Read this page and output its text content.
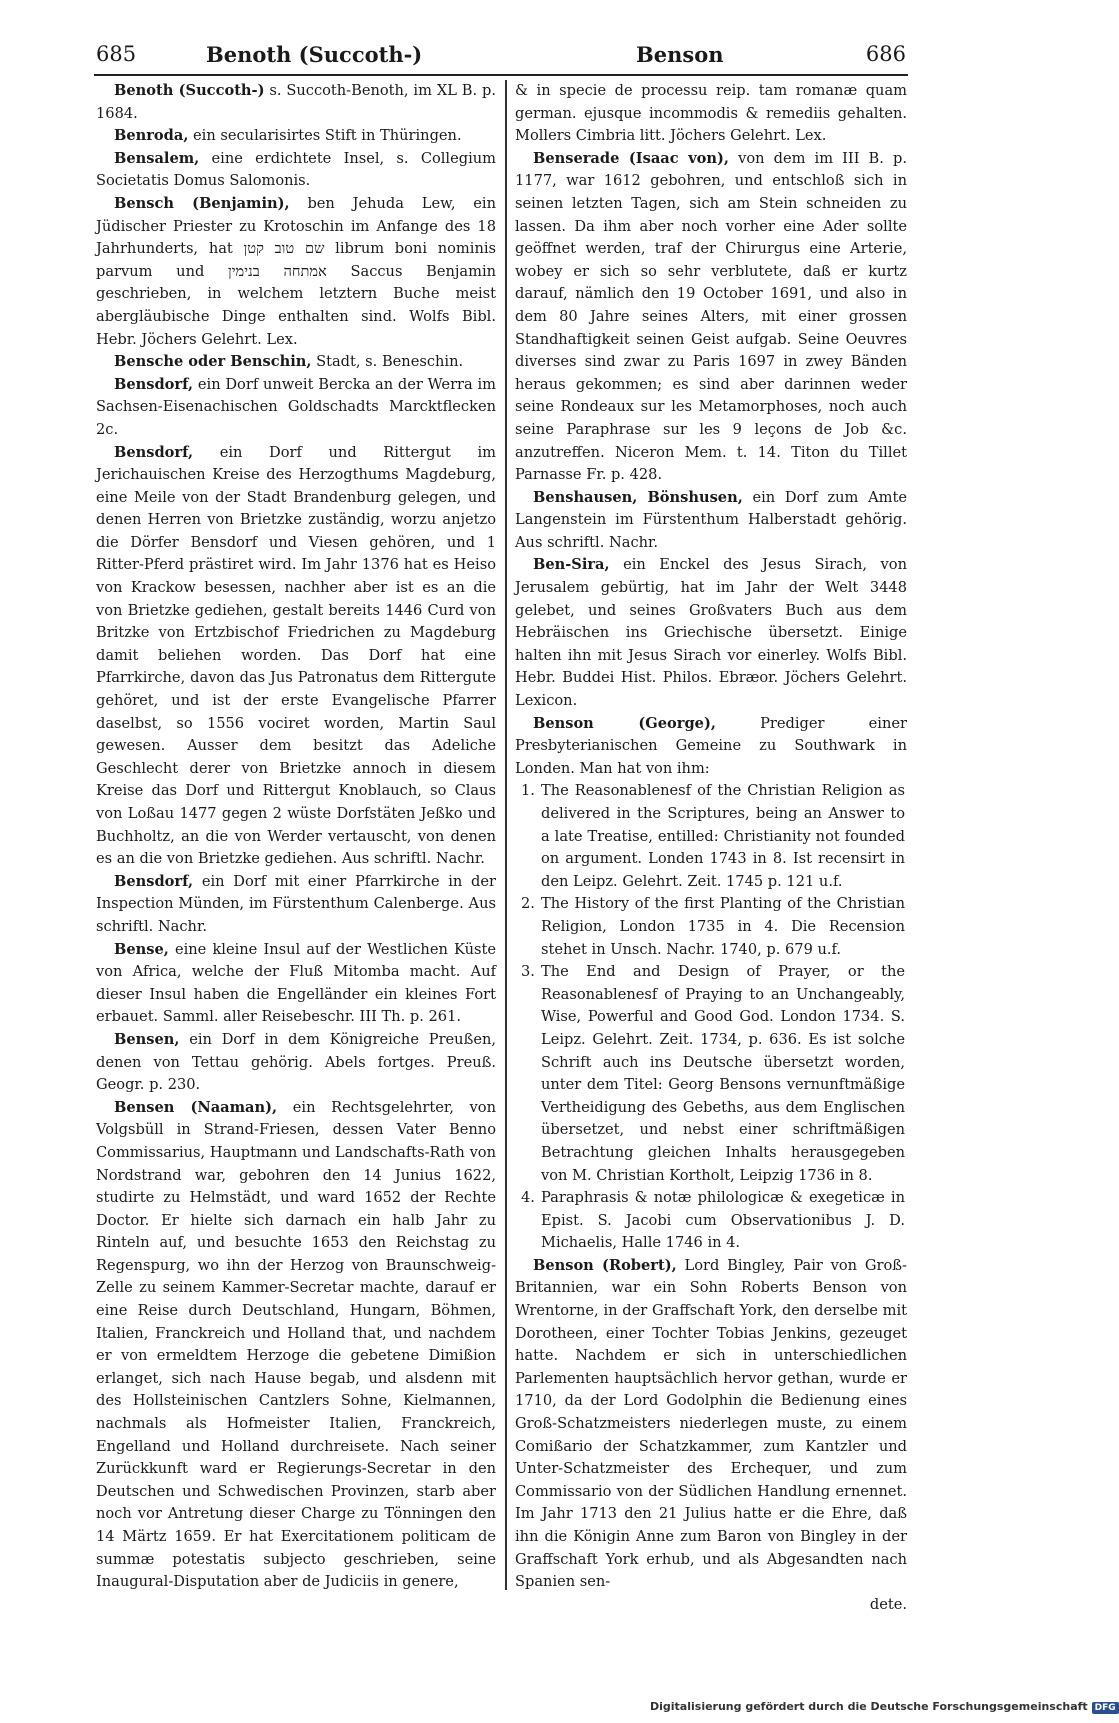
685	Benoth (Succoth-)	Benson	686

Benoth (Succoth-) s. Succoth-Benoth, im XL B. p. 1684.

Benroda, ein secularisirtes Stift in Thüringen.

Bensalem, eine erdichtete Insel, s. Collegium Societatis Domus Salomonis.

Bensch (Benjamin), ben Jehuda Lew, ein Jüdischer Priester zu Krotoschin im Anfange des 18 Jahrhunderts, hat שם טוב קטן librum boni nominis parvum und אמתחה בנימין Saccus Benjamin geschrieben, in welchem letztern Buche meist abergläubische Dinge enthalten sind. Wolfs Bibl. Hebr. Jöchers Gelehrt. Lex.

Bensche oder Benschin, Stadt, s. Beneschin.

Bensdorf, ein Dorf unweit Bercka an der Werra im Sachsen-Eisenachischen Goldschadts Marcktflecken 2c.

Bensdorf, ein Dorf und Rittergut im Jerichauischen Kreise des Herzogthums Magdeburg, eine Meile von der Stadt Brandenburg gelegen, und denen Herren von Brietzke zuständig, worzu anjetzo die Dörfer Bensdorf und Viesen gehören, und 1 Ritter-Pferd prästiret wird. Im Jahr 1376 hat es Heiso von Krackow besessen, nachher aber ist es an die von Brietzke gediehen, gestalt bereits 1446 Curd von Britzke von Ertzbischof Friedrichen zu Magdeburg damit beliehen worden. Das Dorf hat eine Pfarrkirche, davon das Jus Patronatus dem Rittergute gehöret, und ist der erste Evangelische Pfarrer daselbst, so 1556 vociret worden, Martin Saul gewesen. Ausser dem besitzt das Adeliche Geschlecht derer von Brietzke annoch in diesem Kreise das Dorf und Rittergut Knoblauch, so Claus von Loßau 1477 gegen 2 wüste Dorfstäten Jeßko und Buchholtz, an die von Werder vertauscht, von denen es an die von Brietzke gediehen. Aus schriftl. Nachr.

Bensdorf, ein Dorf mit einer Pfarrkirche in der Inspection Münden, im Fürstenthum Calenberge. Aus schriftl. Nachr.

Bense, eine kleine Insul auf der Westlichen Küste von Africa, welche der Fluß Mitomba macht. Auf dieser Insul haben die Engelländer ein kleines Fort erbauet. Samml. aller Reisebeschr. III Th. p. 261.

Bensen, ein Dorf in dem Königreiche Preußen, denen von Tettau gehörig. Abels fortges. Preuß. Geogr. p. 230.

Bensen (Naaman), ein Rechtsgelehrter, von Volgsbüll in Strand-Friesen, dessen Vater Benno Commissarius, Hauptmann und Landschafts-Rath von Nordstrand war, gebohren den 14 Junius 1622, studirte zu Helmstädt, und ward 1652 der Rechte Doctor. Er hielte sich darnach ein halb Jahr zu Rinteln auf, und besuchte 1653 den Reichstag zu Regenspurg, wo ihn der Herzog von Braunschweig-Zelle zu seinem Kammer-Secretar machte, darauf er eine Reise durch Deutschland, Hungarn, Böhmen, Italien, Franckreich und Holland that, und nachdem er von ermeldtem Herzoge die gebetene Dimißion erlanget, sich nach Hause begab, und alsdenn mit des Hollsteinischen Cantzlers Sohne, Kielmannen, nachmals als Hofmeister Italien, Franckreich, Engelland und Holland durchreisete. Nach seiner Zurückkunft ward er Regierungs-Secretar in den Deutschen und Schwedischen Provinzen, starb aber noch vor Antretung dieser Charge zu Tönningen den 14 Märtz 1659. Er hat Exercitationem politicam de summæ potestatis subjecto geschrieben, seine Inaugural-Disputation aber de Judiciis in genere,

& in specie de processu reip. tam romanæ quam german. ejusque incommodis & remediis gehalten. Mollers Cimbria litt. Jöchers Gelehrt. Lex.

Benserade (Isaac von), von dem im III B. p. 1177, war 1612 gebohren, und entschloß sich in seinen letzten Tagen, sich am Stein schneiden zu lassen. Da ihm aber noch vorher eine Ader sollte geöffnet werden, traf der Chirurgus eine Arterie, wobey er sich so sehr verblutete, daß er kurtz darauf, nämlich den 19 October 1691, und also in dem 80 Jahre seines Alters, mit einer grossen Standhaftigkeit seinen Geist aufgab. Seine Oeuvres diverses sind zwar zu Paris 1697 in zwey Bänden heraus gekommen; es sind aber darinnen weder seine Rondeaux sur les Metamorphoses, noch auch seine Paraphrase sur les 9 leçons de Job &c. anzutreffen. Niceron Mem. t. 14. Titon du Tillet Parnasse Fr. p. 428.

Benshausen, Bönshusen, ein Dorf zum Amte Langenstein im Fürstenthum Halberstadt gehörig. Aus schriftl. Nachr.

Ben-Sira, ein Enckel des Jesus Sirach, von Jerusalem gebürtig, hat im Jahr der Welt 3448 gelebet, und seines Großvaters Buch aus dem Hebräischen ins Griechische übersetzt. Einige halten ihn mit Jesus Sirach vor einerley. Wolfs Bibl. Hebr. Buddei Hist. Philos. Ebræor. Jöchers Gelehrt. Lexicon.

Benson (George), Prediger einer Presbyterianischen Gemeine zu Southwark in Londen. Man hat von ihm:

1. The Reasonablenesf of the Christian Religion as delivered in the Scriptures, being an Answer to a late Treatise, entilled: Christianity not founded on argument. Londen 1743 in 8. Ist recensirt in den Leipz. Gelehrt. Zeit. 1745 p. 121 u.f.
2. The History of the first Planting of the Christian Religion, London 1735 in 4. Die Recension stehet in Unsch. Nachr. 1740, p. 679 u.f.
3. The End and Design of Prayer, or the Reasonablenesf of Praying to an Unchangeably, Wise, Powerful and Good God. London 1734. S. Leipz. Gelehrt. Zeit. 1734, p. 636. Es ist solche Schrift auch ins Deutsche übersetzt worden, unter dem Titel: Georg Bensons vernunftmäßige Vertheidigung des Gebeths, aus dem Englischen übersetzet, und nebst einer schriftmäßigen Betrachtung gleichen Inhalts herausgegeben von M. Christian Kortholt, Leipzig 1736 in 8.
4. Paraphrasis & notæ philologicæ & exegeticæ in Epist. S. Jacobi cum Observationibus J. D. Michaelis, Halle 1746 in 4.

Benson (Robert), Lord Bingley, Pair von Groß-Britannien, war ein Sohn Roberts Benson von Wrentorne, in der Graffschaft York, den derselbe mit Dorotheen, einer Tochter Tobias Jenkins, gezeuget hatte. Nachdem er sich in unterschiedlichen Parlementen hauptsächlich hervor gethan, wurde er 1710, da der Lord Godolphin die Bedienung eines Groß-Schatzmeisters niederlegen muste, zu einem Comißario der Schatzkammer, zum Kantzler und Unter-Schatzmeister des Erchequer, und zum Commissario von der Südlichen Handlung ernennet. Im Jahr 1713 den 21 Julius hatte er die Ehre, daß ihn die Königin Anne zum Baron von Bingley in der Graffschaft York erhub, und als Abgesandten nach Spanien sen-

dete.

Digitalisierung gefördert durch die Deutsche Forschungsgemeinschaft DFG
